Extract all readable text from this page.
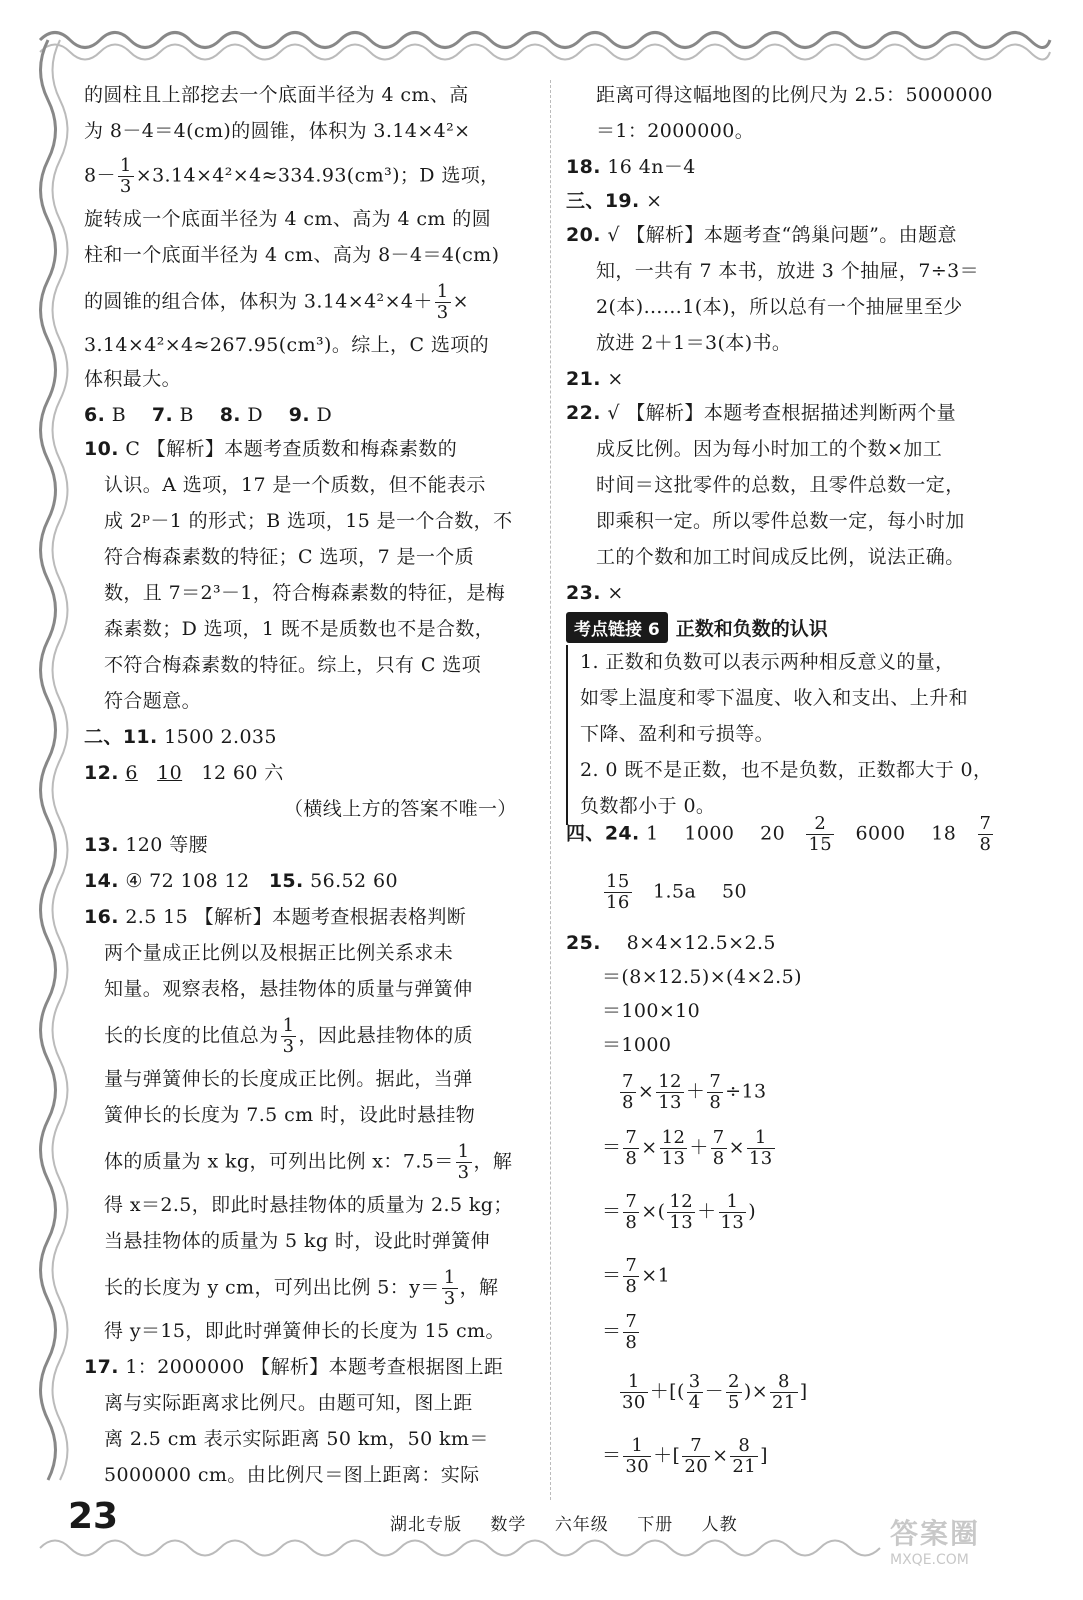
的圆柱且上部挖去一个底面半径为 4 cm、高
为 8－4＝4(cm)的圆锥，体积为 3.14×4²×
$8- \frac{1}{3} \times 3.14\times 4^2\times 4\approx 334.93(cm^3)$；D 选项，
旋转成一个底面半径为 4 cm、高为 4 cm 的圆
柱和一个底面半径为 4 cm、高为 8－4＝4(cm)
的圆锥的组合体，体积为 $3.14\times 4^2\times 4+ \frac{1}{3}$ ×
3.14×4²×4≈267.95(cm³)。综上，C 选项的
体积最大。
6. B 7. B 8. D 9. D
10. C 【解析】本题考查质数和梅森素数的
认识。A 选项，17 是一个质数，但不能表示
成 2ᵖ－1 的形式；B 选项，15 是一个合数，不
符合梅森素数的特征；C 选项，7 是一个质
数，且 7＝2³－1，符合梅森素数的特征，是梅
森素数；D 选项，1 既不是质数也不是合数，
不符合梅森素数的特征。综上，只有 C 选项
符合题意。
二、11. 1500 2.035
12. 6 10 12 60 六
（横线上方的答案不唯一）
13. 120 等腰
14. ④ 72 108 12 15. 56.52 60
16. 2.5 15 【解析】本题考查根据表格判断
两个量成正比例以及根据正比例关系求未
知量。观察表格，悬挂物体的质量与弹簧伸
长的长度的比值总为 $\frac{1}{3}$ ，因此悬挂物体的质
量与弹簧伸长的长度成正比例。据此，当弹
簧伸长的长度为 7.5 cm 时，设此时悬挂物
体的质量为 x kg，可列出比例 x：$7.5= \frac{1}{3}$ ，解
得 x＝2.5，即此时悬挂物体的质量为 2.5 kg；
当悬挂物体的质量为 5 kg 时，设此时弹簧伸
长的长度为 y cm，可列出比例 5：$y= \frac{1}{3}$ ，解
得 y＝15，即此时弹簧伸长的长度为 15 cm。
17. 1：2000000 【解析】本题考查根据图上距
离与实际距离求比例尺。由题可知，图上距
离 2.5 cm 表示实际距离 50 km，50 km＝
5000000 cm。由比例尺＝图上距离：实际
距离可得这幅地图的比例尺为 2.5：5000000
＝1：2000000。
18. 16 4n－4
三、19. ×
20. √ 【解析】本题考查“鸽巢问题”。由题意
知，一共有 7 本书，放进 3 个抽屉，7÷3＝
2(本)……1(本)，所以总有一个抽屉里至少
放进 2＋1＝3(本)书。
21. ×
22. √ 【解析】本题考查根据描述判断两个量
成反比例。因为每小时加工的个数×加工
时间＝这批零件的总数，且零件总数一定，
即乘积一定。所以零件总数一定，每小时加
工的个数和加工时间成反比例，说法正确。
23. ×
考点链接 6 正数和负数的认识
1. 正数和负数可以表示两种相反意义的量，
如零上温度和零下温度、收入和支出、上升和
下降、盈利和亏损等。
2. 0 既不是正数，也不是负数，正数都大于 0，
负数都小于 0。
四、24. 1 1000 $20 \frac{2}{15} 6000$ $18 \frac{7}{8}$
$\frac{15}{16} 1.5a$ 50
25. 8×4×12.5×2.5
＝(8×12.5)×(4×2.5)
＝100×10
＝1000
$\frac{7}{8} \times \frac{12}{13} + \frac{7}{8} \div 13$
＝ $\frac{7}{8} \times \frac{12}{13} + \frac{7}{8} \times \frac{1}{13}$
＝ $\frac{7}{8}$ ×( $\frac{12}{13} + \frac{1}{13}$ )
＝ $\frac{7}{8} \times 1$
＝ $\frac{7}{8}$
$\frac{1}{30}$ ＋[( $\frac{3}{4} - \frac{2}{5}$ )× $\frac{8}{21}$ ]
＝ $\frac{1}{30}$ ＋[ $\frac{7}{20} \times \frac{8}{21}$ ]
23	湖北专版 数学 六年级 下册 人教	答案圈
MXQE.COM
